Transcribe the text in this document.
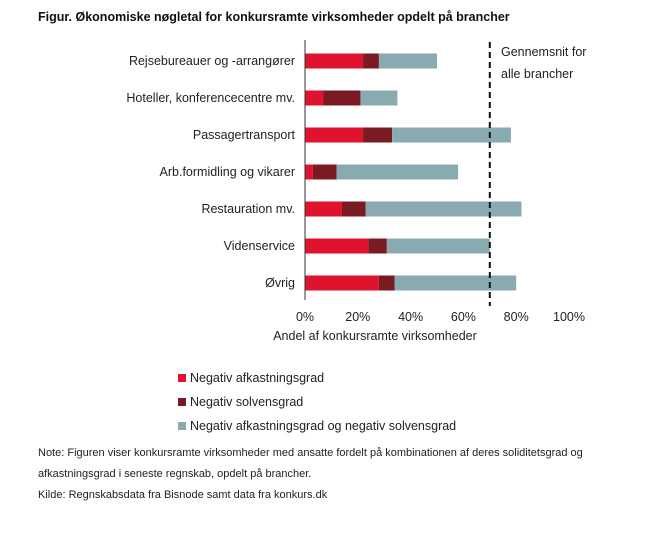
Figur. Økonomiske nøgletal for konkursramte virksomheder opdelt på brancher
Rejsebureauer og -arrangører
Hoteller, konferencecentre mv.
Passagertransport
Arb.formidling og vikarer
Restauration mv.
Videnservice
Øvrig
0% 20% 40% 60% 80% 100%
Gennemsnit for
alle brancher
Andel af konkursramte virksomheder
Negativ afkastningsgrad
Negativ solvensgrad
Negativ afkastningsgrad og negativ solvensgrad
Note: Figuren viser konkursramte virksomheder med ansatte fordelt på kombinationen af deres soliditetsgrad og
afkastningsgrad i seneste regnskab, opdelt på brancher.
Kilde: Regnskabsdata fra Bisnode samt data fra konkurs.dk
